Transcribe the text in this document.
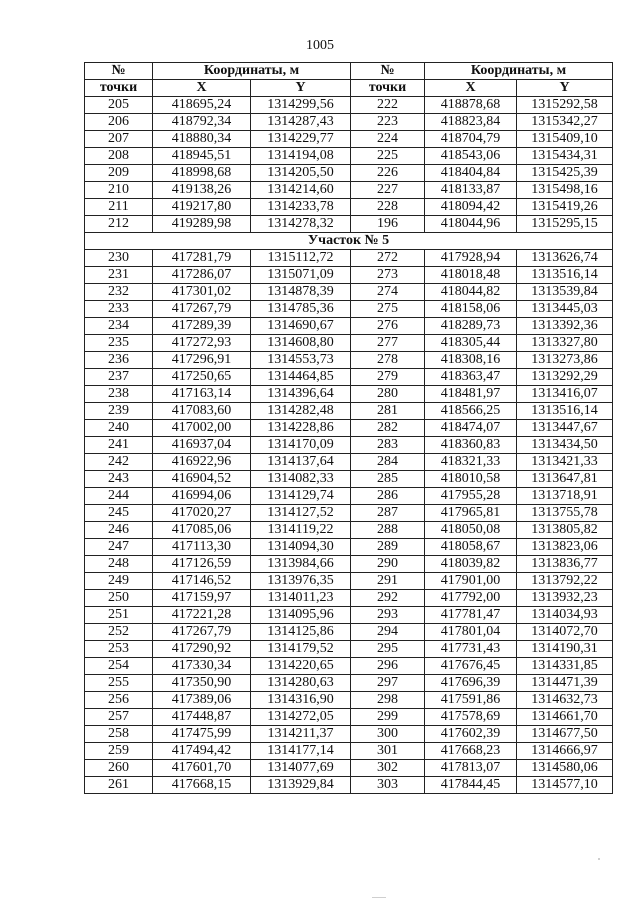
1005
№	Координаты, м		№	Координаты, м	
точки	X	Y	точки	X	Y
205	418695,24	1314299,56	222	418878,68	1315292,58
206	418792,34	1314287,43	223	418823,84	1315342,27
207	418880,34	1314229,77	224	418704,79	1315409,10
208	418945,51	1314194,08	225	418543,06	1315434,31
209	418998,68	1314205,50	226	418404,84	1315425,39
210	419138,26	1314214,60	227	418133,87	1315498,16
211	419217,80	1314233,78	228	418094,42	1315419,26
212	419289,98	1314278,32	196	418044,96	1315295,15
Участок № 5					
230	417281,79	1315112,72	272	417928,94	1313626,74
231	417286,07	1315071,09	273	418018,48	1313516,14
232	417301,02	1314878,39	274	418044,82	1313539,84
233	417267,79	1314785,36	275	418158,06	1313445,03
234	417289,39	1314690,67	276	418289,73	1313392,36
235	417272,93	1314608,80	277	418305,44	1313327,80
236	417296,91	1314553,73	278	418308,16	1313273,86
237	417250,65	1314464,85	279	418363,47	1313292,29
238	417163,14	1314396,64	280	418481,97	1313416,07
239	417083,60	1314282,48	281	418566,25	1313516,14
240	417002,00	1314228,86	282	418474,07	1313447,67
241	416937,04	1314170,09	283	418360,83	1313434,50
242	416922,96	1314137,64	284	418321,33	1313421,33
243	416904,52	1314082,33	285	418010,58	1313647,81
244	416994,06	1314129,74	286	417955,28	1313718,91
245	417020,27	1314127,52	287	417965,81	1313755,78
246	417085,06	1314119,22	288	418050,08	1313805,82
247	417113,30	1314094,30	289	418058,67	1313823,06
248	417126,59	1313984,66	290	418039,82	1313836,77
249	417146,52	1313976,35	291	417901,00	1313792,22
250	417159,97	1314011,23	292	417792,00	1313932,23
251	417221,28	1314095,96	293	417781,47	1314034,93
252	417267,79	1314125,86	294	417801,04	1314072,70
253	417290,92	1314179,52	295	417731,43	1314190,31
254	417330,34	1314220,65	296	417676,45	1314331,85
255	417350,90	1314280,63	297	417696,39	1314471,39
256	417389,06	1314316,90	298	417591,86	1314632,73
257	417448,87	1314272,05	299	417578,69	1314661,70
258	417475,99	1314211,37	300	417602,39	1314677,50
259	417494,42	1314177,14	301	417668,23	1314666,97
260	417601,70	1314077,69	302	417813,07	1314580,06
261	417668,15	1313929,84	303	417844,45	1314577,10
